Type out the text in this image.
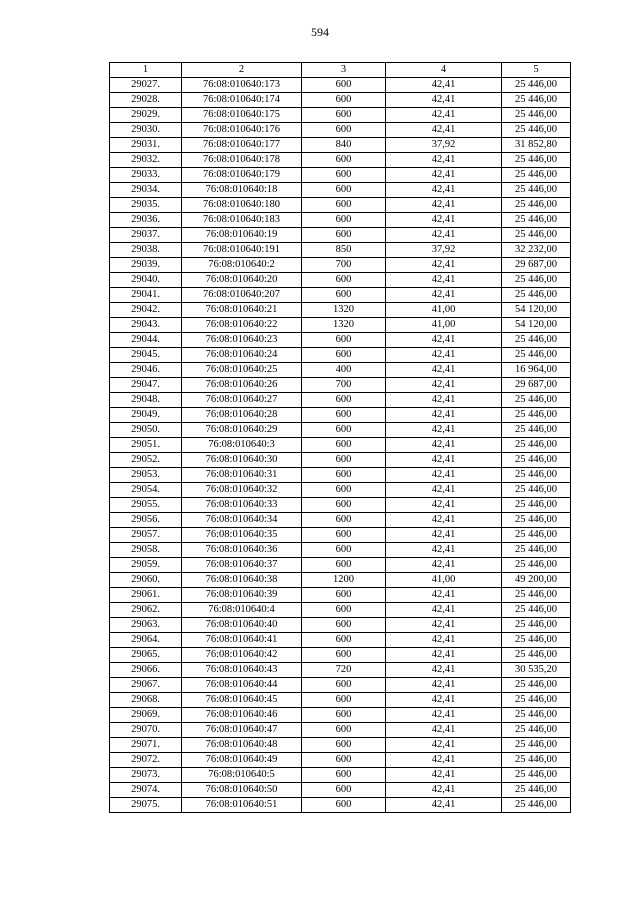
594
1	2	3	4	5
29027.	76:08:010640:173	600	42,41	25 446,00
29028.	76:08:010640:174	600	42,41	25 446,00
29029.	76:08:010640:175	600	42,41	25 446,00
29030.	76:08:010640:176	600	42,41	25 446,00
29031.	76:08:010640:177	840	37,92	31 852,80
29032.	76:08:010640:178	600	42,41	25 446,00
29033.	76:08:010640:179	600	42,41	25 446,00
29034.	76:08:010640:18	600	42,41	25 446,00
29035.	76:08:010640:180	600	42,41	25 446,00
29036.	76:08:010640:183	600	42,41	25 446,00
29037.	76:08:010640:19	600	42,41	25 446,00
29038.	76:08:010640:191	850	37,92	32 232,00
29039.	76:08:010640:2	700	42,41	29 687,00
29040.	76:08:010640:20	600	42,41	25 446,00
29041.	76:08:010640:207	600	42,41	25 446,00
29042.	76:08:010640:21	1320	41,00	54 120,00
29043.	76:08:010640:22	1320	41,00	54 120,00
29044.	76:08:010640:23	600	42,41	25 446,00
29045.	76:08:010640:24	600	42,41	25 446,00
29046.	76:08:010640:25	400	42,41	16 964,00
29047.	76:08:010640:26	700	42,41	29 687,00
29048.	76:08:010640:27	600	42,41	25 446,00
29049.	76:08:010640:28	600	42,41	25 446,00
29050.	76:08:010640:29	600	42,41	25 446,00
29051.	76:08:010640:3	600	42,41	25 446,00
29052.	76:08:010640:30	600	42,41	25 446,00
29053.	76:08:010640:31	600	42,41	25 446,00
29054.	76:08:010640:32	600	42,41	25 446,00
29055.	76:08:010640:33	600	42,41	25 446,00
29056.	76:08:010640:34	600	42,41	25 446,00
29057.	76:08:010640:35	600	42,41	25 446,00
29058.	76:08:010640:36	600	42,41	25 446,00
29059.	76:08:010640:37	600	42,41	25 446,00
29060.	76:08:010640:38	1200	41,00	49 200,00
29061.	76:08:010640:39	600	42,41	25 446,00
29062.	76:08:010640:4	600	42,41	25 446,00
29063.	76:08:010640:40	600	42,41	25 446,00
29064.	76:08:010640:41	600	42,41	25 446,00
29065.	76:08:010640:42	600	42,41	25 446,00
29066.	76:08:010640:43	720	42,41	30 535,20
29067.	76:08:010640:44	600	42,41	25 446,00
29068.	76:08:010640:45	600	42,41	25 446,00
29069.	76:08:010640:46	600	42,41	25 446,00
29070.	76:08:010640:47	600	42,41	25 446,00
29071.	76:08:010640:48	600	42,41	25 446,00
29072.	76:08:010640:49	600	42,41	25 446,00
29073.	76:08:010640:5	600	42,41	25 446,00
29074.	76:08:010640:50	600	42,41	25 446,00
29075.	76:08:010640:51	600	42,41	25 446,00
